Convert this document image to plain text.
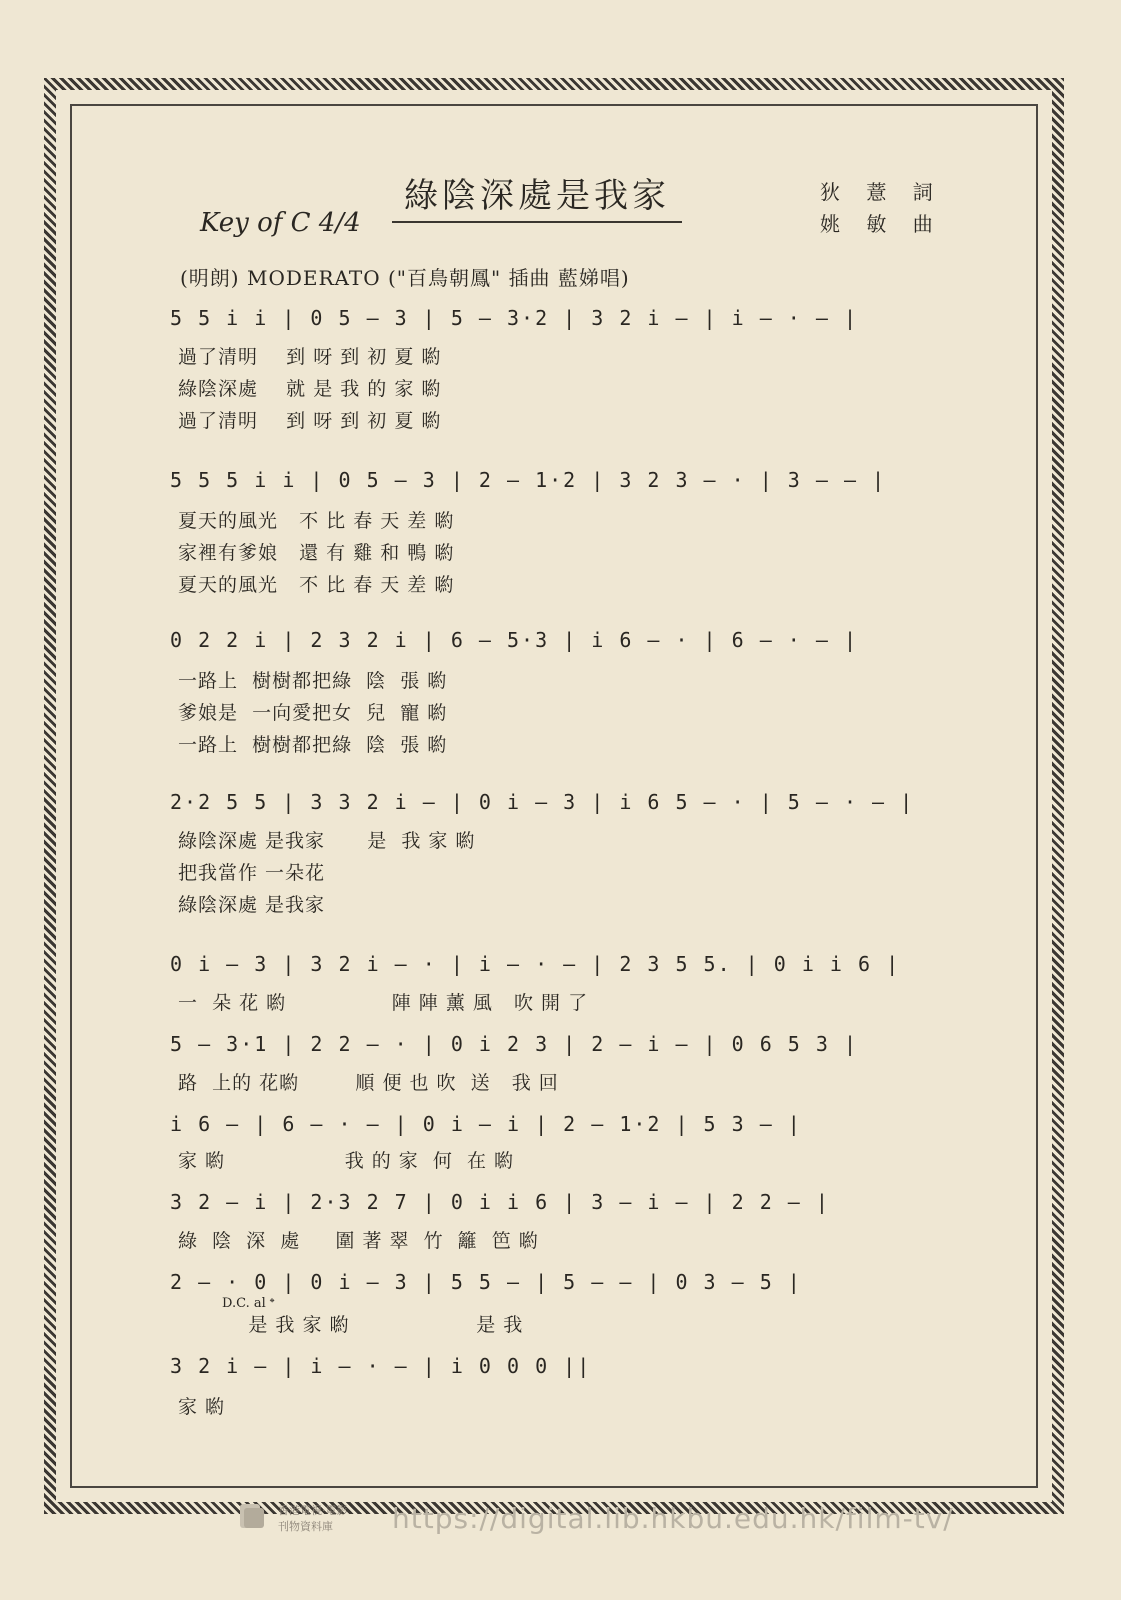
綠陰深處是我家	狄 薏 詞
姚 敏 曲
Key of C 4/4
(明朗) MODERATO ("百鳥朝鳳" 插曲 藍娣唱)
5 5 i i | 0 5 — 3 | 5 — 3·2 | 3 2 i — | i — · — |
過了清明    到 呀 到 初 夏 喲
綠陰深處    就 是 我 的 家 喲
過了清明    到 呀 到 初 夏 喲
5 5 5 i i | 0 5 — 3 | 2 — 1·2 | 3 2 3 — · | 3 — — |
夏天的風光   不 比 春 天 差 喲
家裡有爹娘   還 有 雞 和 鴨 喲
夏天的風光   不 比 春 天 差 喲
0 2 2 i | 2 3 2 i | 6 — 5·3 | i 6 — · | 6 — · — |
一路上  樹樹都把綠  陰  張 喲
爹娘是  一向愛把女  兒  寵 喲
一路上  樹樹都把綠  陰  張 喲
2·2 5 5 | 3 3 2 i — | 0 i — 3 | i 6 5 — · | 5 — · — |
綠陰深處 是我家      是  我 家 喲
把我當作 一朵花
綠陰深處 是我家
0 i — 3 | 3 2 i — · | i — · — | 2 3 5 5. | 0 i i 6 |
一  朵 花 喲               陣 陣 薰 風   吹 開 了
5 — 3·1 | 2 2 — · | 0 i 2 3 | 2 — i — | 0 6 5 3 |
路  上的 花喲        順 便 也 吹  送   我 回
i 6 — | 6 — · — | 0 i — i | 2 — 1·2 | 5 3 — |
家 喲                 我 的 家  何  在 喲
3 2 — i | 2·3 2 7 | 0 i i 6 | 3 — i — | 2 2 — |
綠  陰  深  處     圍 著 翠  竹  籬  笆 喲
2 — · 0 | 0 i — 3 | 5 5 — | 5 — — | 0 3 — 5 |
D.C. al 𝄌
是 我 家 喲                  是 我
3 2 i — | i — · — | i 0 0 0 ||
家 喲
香港電視·電影
刊物資料庫 https://digital.lib.hkbu.edu.hk/film-tv/
